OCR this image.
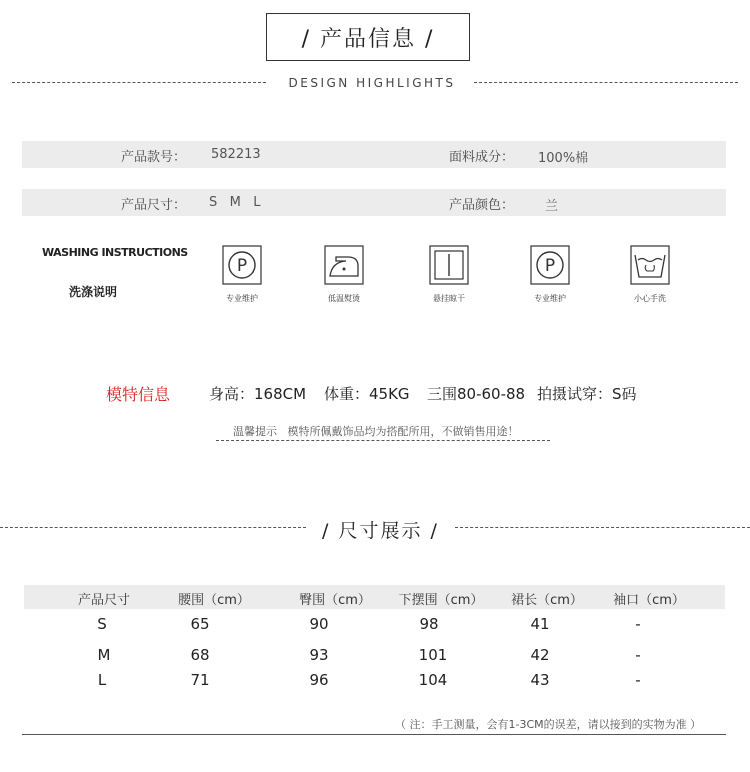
/ 产品信息 /
DESIGN HIGHLIGHTS
产品款号： 582213	面料成分： 100%棉
产品尺寸： S   M   L	产品颜色： 兰
WASHING INSTRUCTIONS
洗涤说明
P
专业维护	低温熨烫	悬挂晾干
P
专业维护	小心手洗
模特信息	身高：168CM 体重：45KG 三围80-60-88 拍摄试穿：S码
温馨提示   模特所佩戴饰品均为搭配所用，不做销售用途！
/ 尺寸展示 /
产品尺寸	腰围（cm）	臀围（cm）	下摆围（cm）	裙长（cm）	袖口（cm）
S	65	90	98	41	-
M	68	93	101	42	-
L	71	96	104	43	-
（ 注：手工测量，会有1-3CM的误差，请以接到的实物为准 ）
